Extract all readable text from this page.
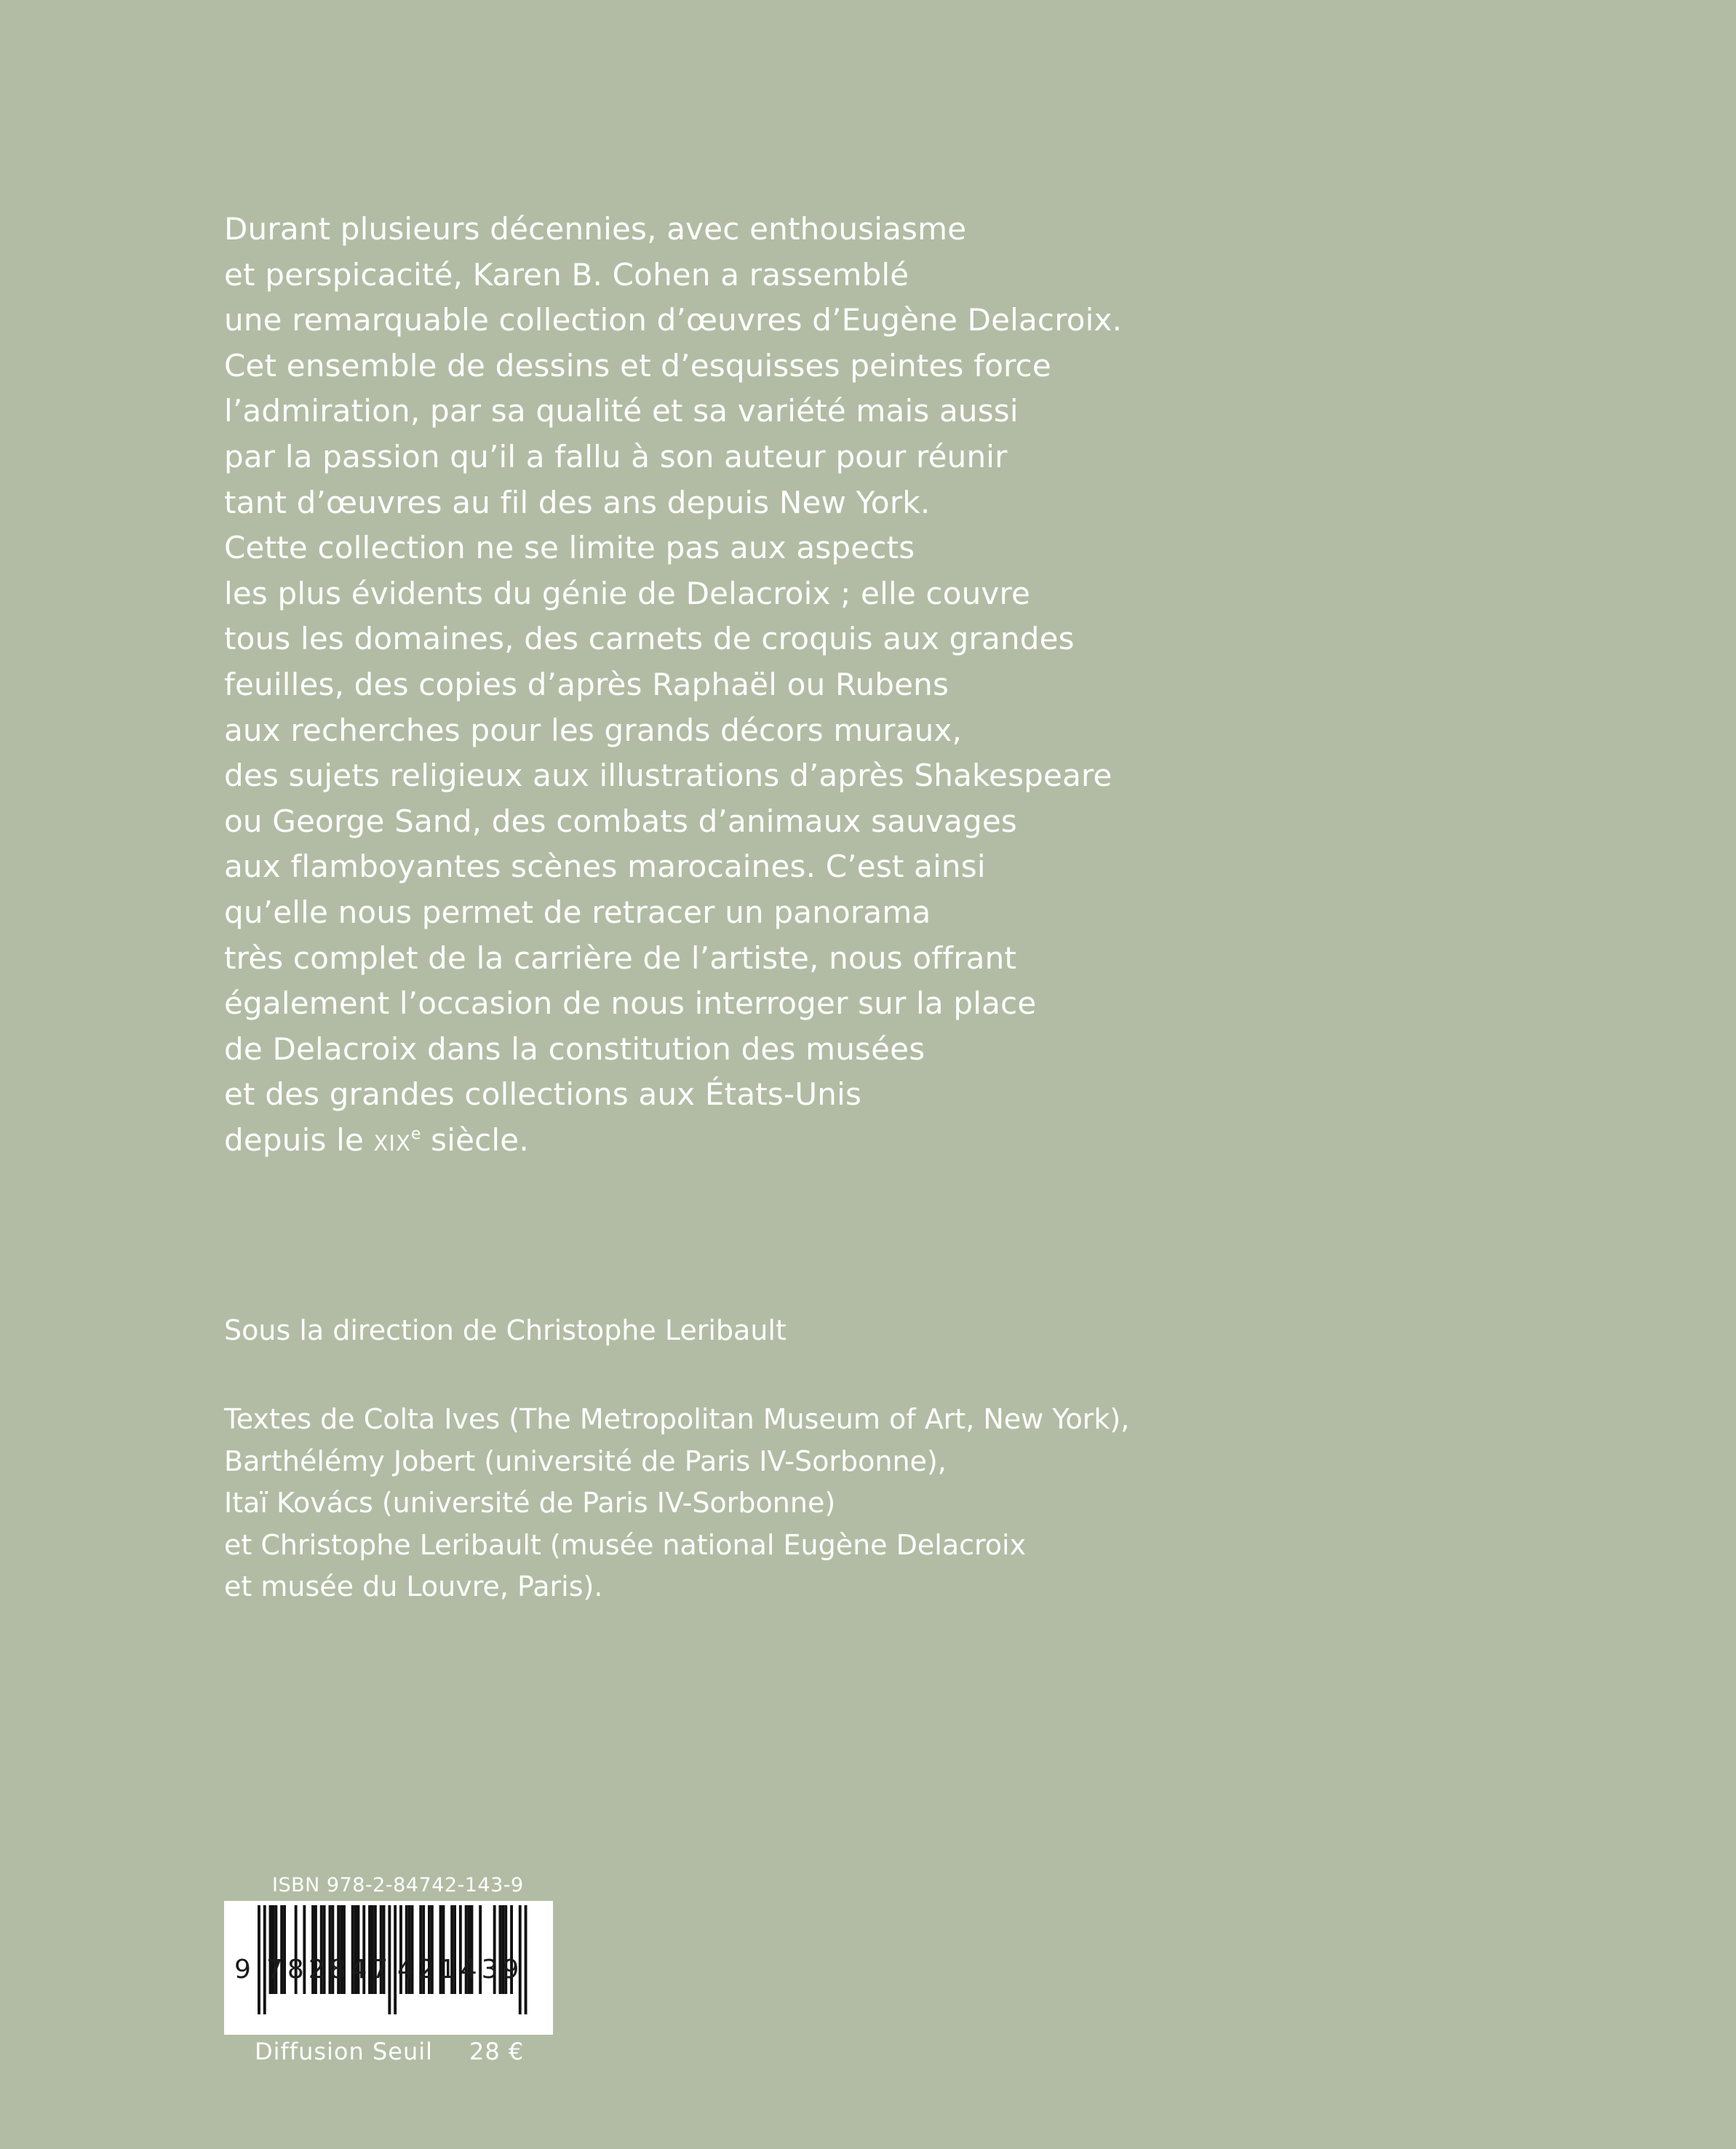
Durant plusieurs décennies, avec enthousiasme
et perspicacité, Karen B. Cohen a rassemblé
une remarquable collection d’œuvres d’Eugène Delacroix.
Cet ensemble de dessins et d’esquisses peintes force
l’admiration, par sa qualité et sa variété mais aussi
par la passion qu’il a fallu à son auteur pour réunir
tant d’œuvres au fil des ans depuis New York.
Cette collection ne se limite pas aux aspects
les plus évidents du génie de Delacroix ; elle couvre
tous les domaines, des carnets de croquis aux grandes
feuilles, des copies d’après Raphaël ou Rubens
aux recherches pour les grands décors muraux,
des sujets religieux aux illustrations d’après Shakespeare
ou George Sand, des combats d’animaux sauvages
aux flamboyantes scènes marocaines. C’est ainsi
qu’elle nous permet de retracer un panorama
très complet de la carrière de l’artiste, nous offrant
également l’occasion de nous interroger sur la place
de Delacroix dans la constitution des musées
et des grandes collections aux États-Unis
depuis le XIXe siècle.
Sous la direction de Christophe Leribault
Textes de Colta Ives (The Metropolitan Museum of Art, New York),
Barthélémy Jobert (université de Paris IV-Sorbonne),
Itaï Kovács (université de Paris IV-Sorbonne)
et Christophe Leribault (musée national Eugène Delacroix
et musée du Louvre, Paris).
ISBN 978-2-84742-143-9
9 782847 421439
Diffusion Seuil 28 €
